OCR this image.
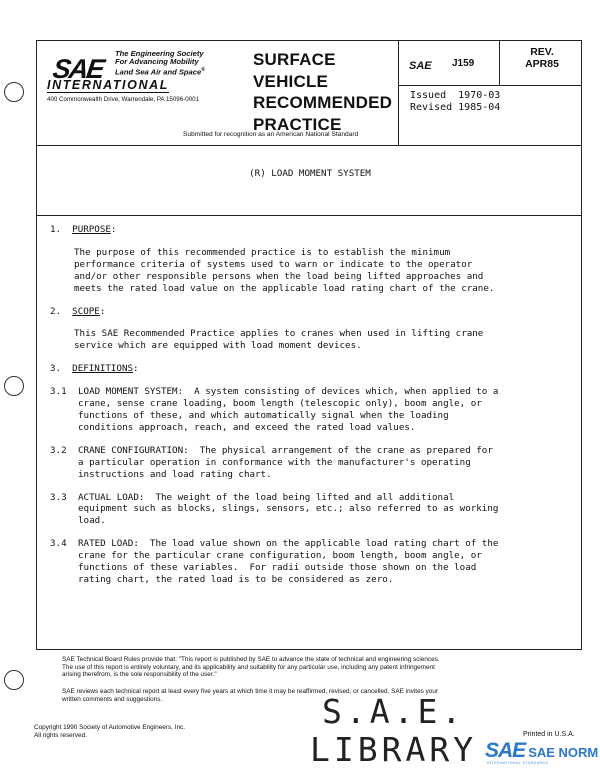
SAE
The Engineering Society
For Advancing Mobility
Land Sea Air and Space®
INTERNATIONAL
400 Commonwealth Drive, Warrendale, PA 15096-0001
SURFACE
VEHICLE
RECOMMENDED
PRACTICE
Submitted for recognition as an American National Standard
SAE J159
REV.
APR85
Issued  1970-03
Revised 1985-04
(R) LOAD MOMENT SYSTEM

1. PURPOSE:

The purpose of this recommended practice is to establish the minimum

performance criteria of systems used to warn or indicate to the operator

and/or other responsible persons when the load being lifted approaches and

meets the rated load value on the applicable load rating chart of the crane.

2. SCOPE:

This SAE Recommended Practice applies to cranes when used in lifting crane

service which are equipped with load moment devices.

3. DEFINITIONS:

3.1	LOAD MOMENT SYSTEM:  A system consisting of devices which, when applied to a

crane, sense crane loading, boom length (telescopic only), boom angle, or

functions of these, and which automatically signal when the loading

conditions approach, reach, and exceed the rated load values.

3.2	CRANE CONFIGURATION:  The physical arrangement of the crane as prepared for

a particular operation in conformance with the manufacturer's operating

instructions and load rating chart.

3.3	ACTUAL LOAD:  The weight of the load being lifted and all additional

equipment such as blocks, slings, sensors, etc.; also referred to as working

load.

3.4	RATED LOAD:  The load value shown on the applicable load rating chart of the

crane for the particular crane configuration, boom length, boom angle, or

functions of these variables.  For radii outside those shown on the load

rating chart, the rated load is to be considered as zero.

SAE Technical Board Rules provide that: "This report is published by SAE to advance the state of technical and engineering sciences.
The use of this report is entirely voluntary, and its applicability and suitability for any particular use, including any patent infringement
arising therefrom, is the sole responsibility of the user."
SAE reviews each technical report at least every five years at which time it may be reaffirmed, revised, or cancelled. SAE invites your
written comments and suggestions.
Copyright 1990 Society of Automotive Engineers, Inc.
All rights reserved.
S.A.E.
LIBRARY	Printed in U.S.A.
SAE SAE NORM
INTERNATIONAL STANDARDS
